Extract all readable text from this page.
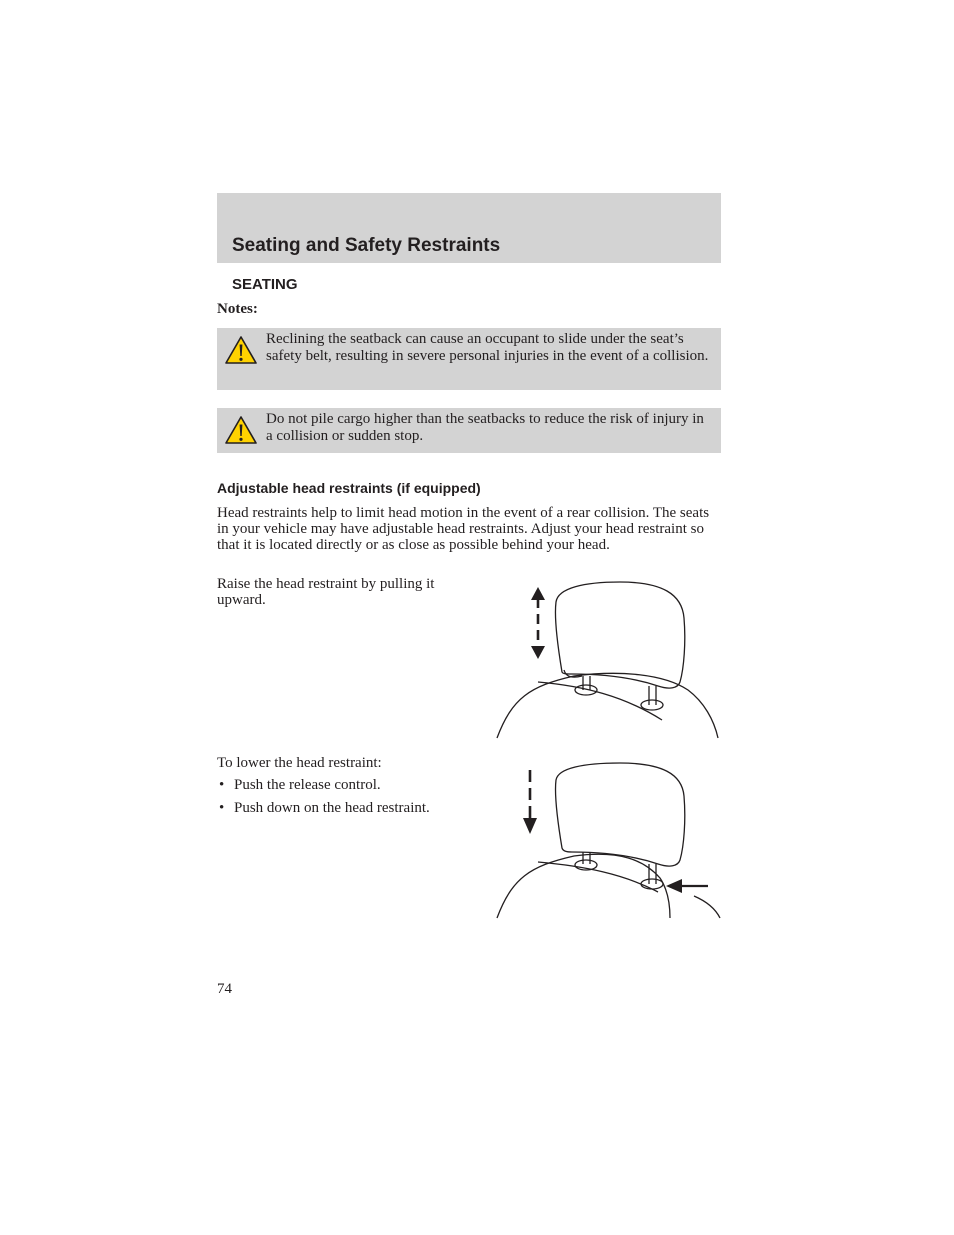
Seating and Safety Restraints
SEATING

Notes:

Reclining the seatback can cause an occupant to slide under the seat’s safety belt, resulting in severe personal injuries in the event of a collision.
Do not pile cargo higher than the seatbacks to reduce the risk of injury in a collision or sudden stop.
Adjustable head restraints (if equipped)

Head restraints help to limit head motion in the event of a rear collision. The seats in your vehicle may have adjustable head restraints. Adjust your head restraint so that it is located directly or as close as possible behind your head.

Raise the head restraint by pulling it upward.

To lower the head restraint:

• Push the release control.
• Push down on the head restraint.

74
